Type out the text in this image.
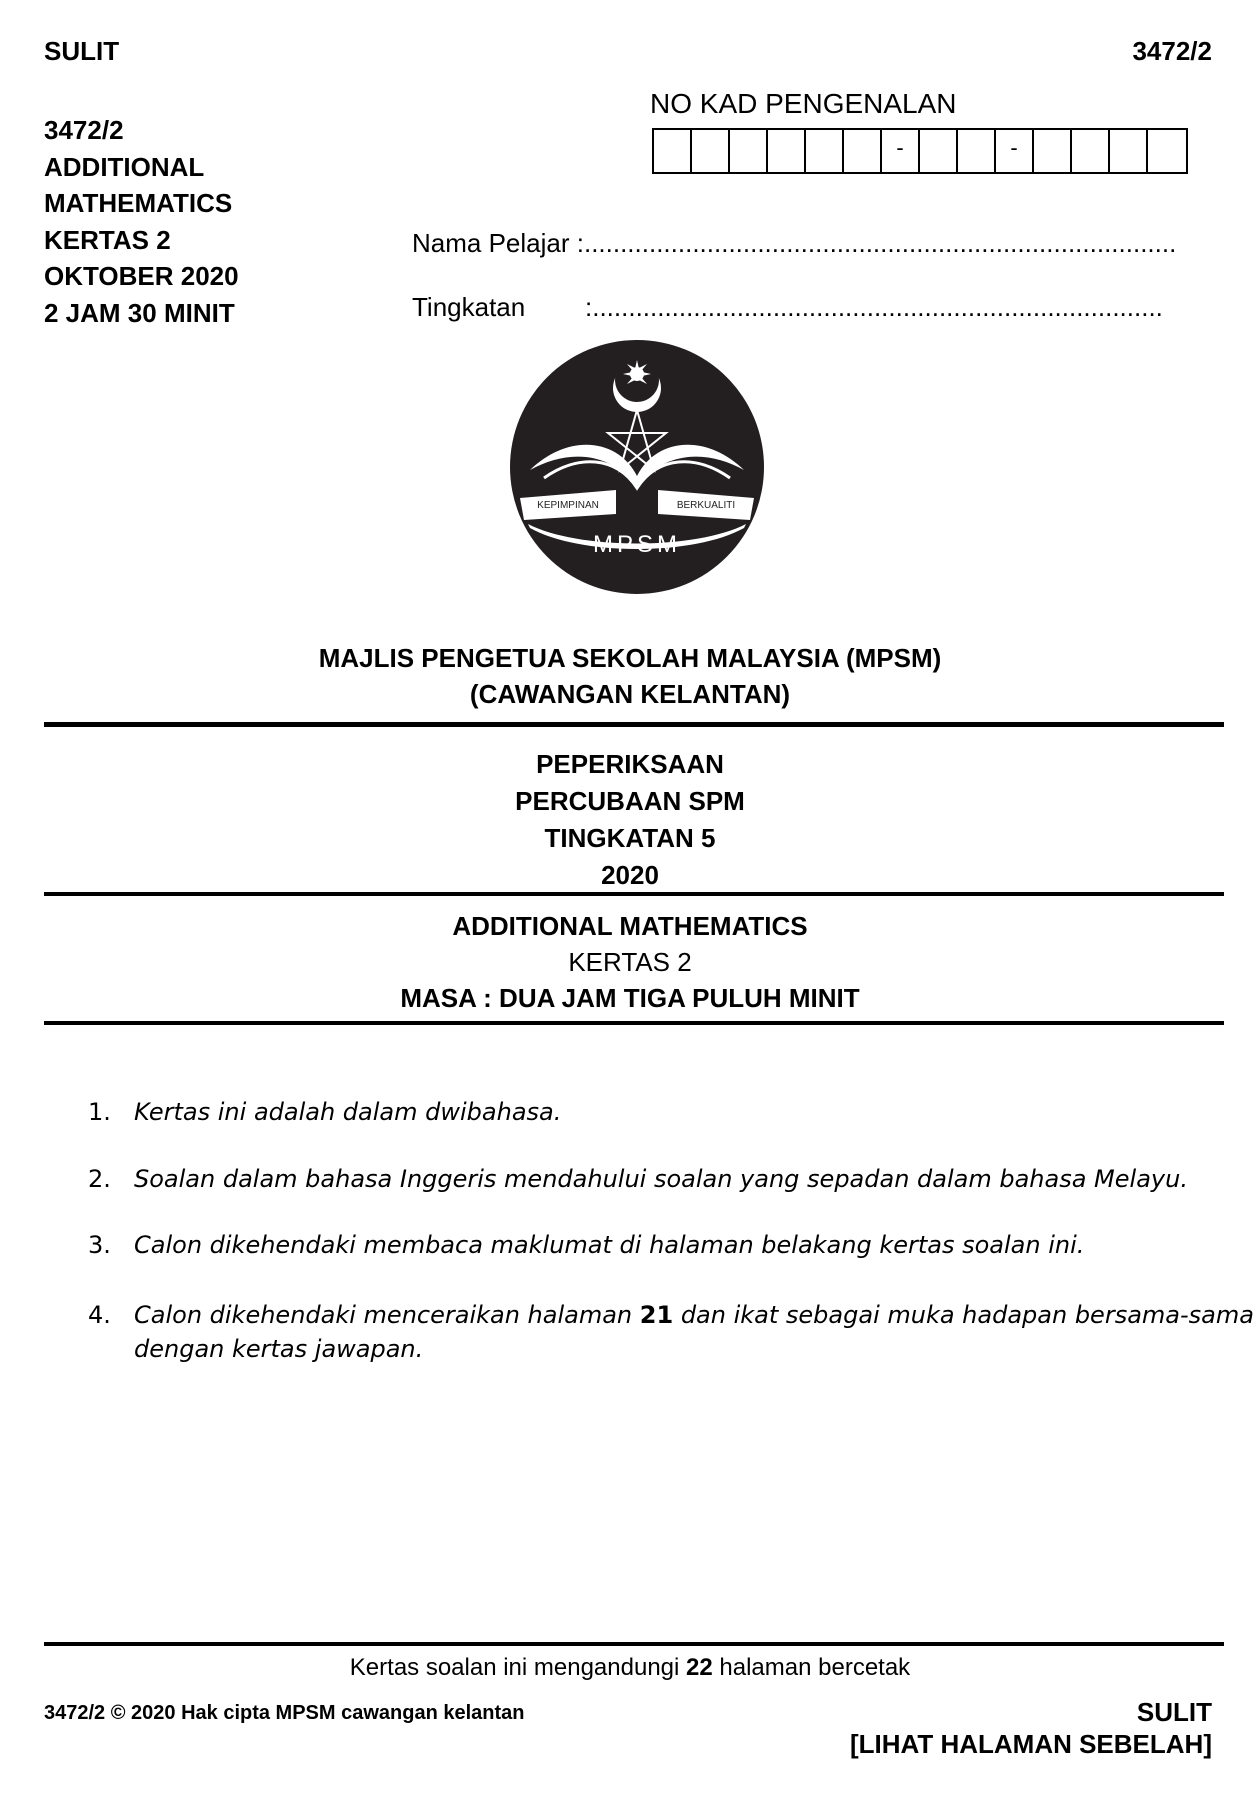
SULIT	3472/2
3472/2
ADDITIONAL
MATHEMATICS
KERTAS 2
OKTOBER 2020
2 JAM 30 MINIT
NO KAD PENGENALAN
-	-
Nama Pelajar :..................................................................................
Tingkatan :...............................................................................
KEPIMPINAN	BERKUALITI
MPSM
MAJLIS PENGETUA SEKOLAH MALAYSIA (MPSM)
(CAWANGAN KELANTAN)
PEPERIKSAAN
PERCUBAAN SPM
TINGKATAN 5
2020
ADDITIONAL MATHEMATICS
KERTAS 2
MASA : DUA JAM TIGA PULUH MINIT
1. Kertas ini adalah dalam dwibahasa.
2. Soalan dalam bahasa Inggeris mendahului soalan yang sepadan dalam bahasa Melayu.
3. Calon dikehendaki membaca maklumat di halaman belakang kertas soalan ini.
4. Calon dikehendaki menceraikan halaman 21 dan ikat sebagai muka hadapan bersama-sama
dengan kertas jawapan.
Kertas soalan ini mengandungi 22 halaman bercetak
3472/2 © 2020 Hak cipta MPSM cawangan kelantan	SULIT
[LIHAT HALAMAN SEBELAH]
